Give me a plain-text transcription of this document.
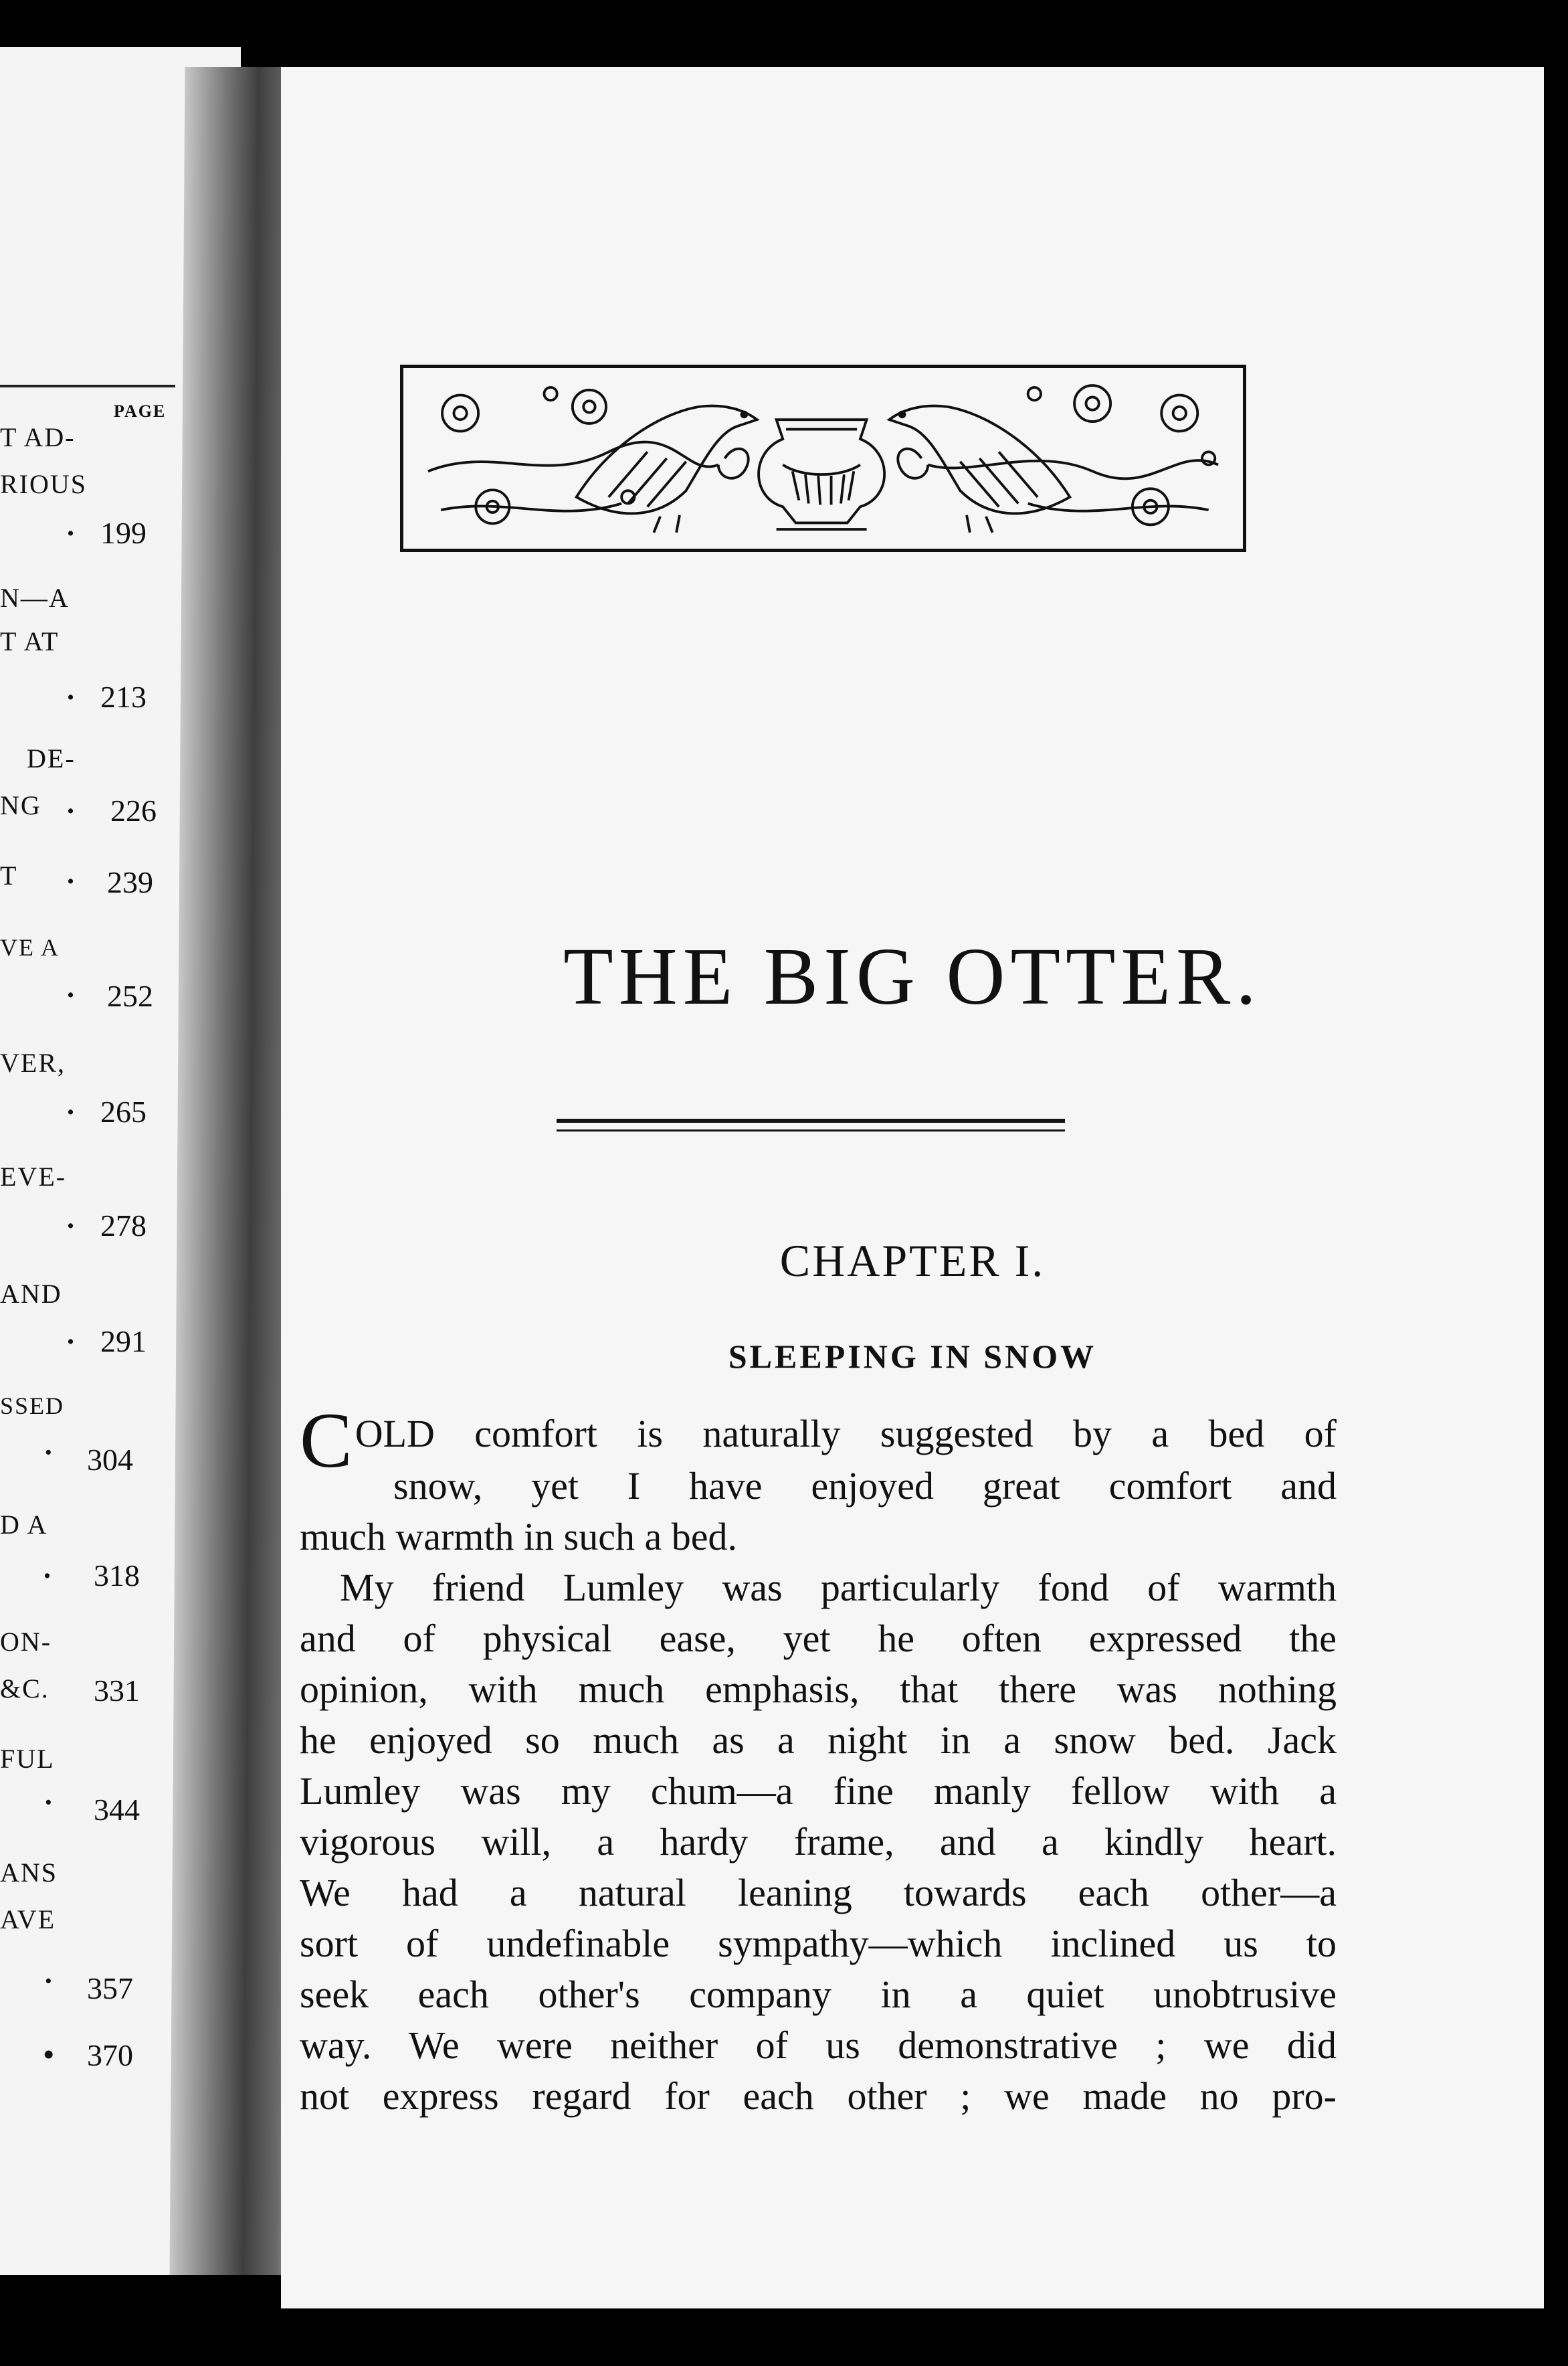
PAGE
T AD-
RIOUS
. 199
N—A
T AT
. 213
DE-
NG . 226
T . 239
VE A
. 252
VER,
. 265
EVE-
. 278
AND
. 291
SSED
· 304
D A
. 318
ON-
&C. 331
FUL
· 344
ANS
AVE
· 357
• 370
THE BIG OTTER.
CHAPTER I.
SLEEPING IN SNOW
COLD comfort is naturally suggested by a bed of
snow, yet I have enjoyed great comfort and
much warmth in such a bed.
My friend Lumley was particularly fond of warmth
and of physical ease, yet he often expressed the
opinion, with much emphasis, that there was nothing
he enjoyed so much as a night in a snow bed. Jack
Lumley was my chum—a fine manly fellow with a
vigorous will, a hardy frame, and a kindly heart.
We had a natural leaning towards each other—a
sort of undefinable sympathy—which inclined us to
seek each other's company in a quiet unobtrusive
way. We were neither of us demonstrative ; we did
not express regard for each other ; we made no pro-
